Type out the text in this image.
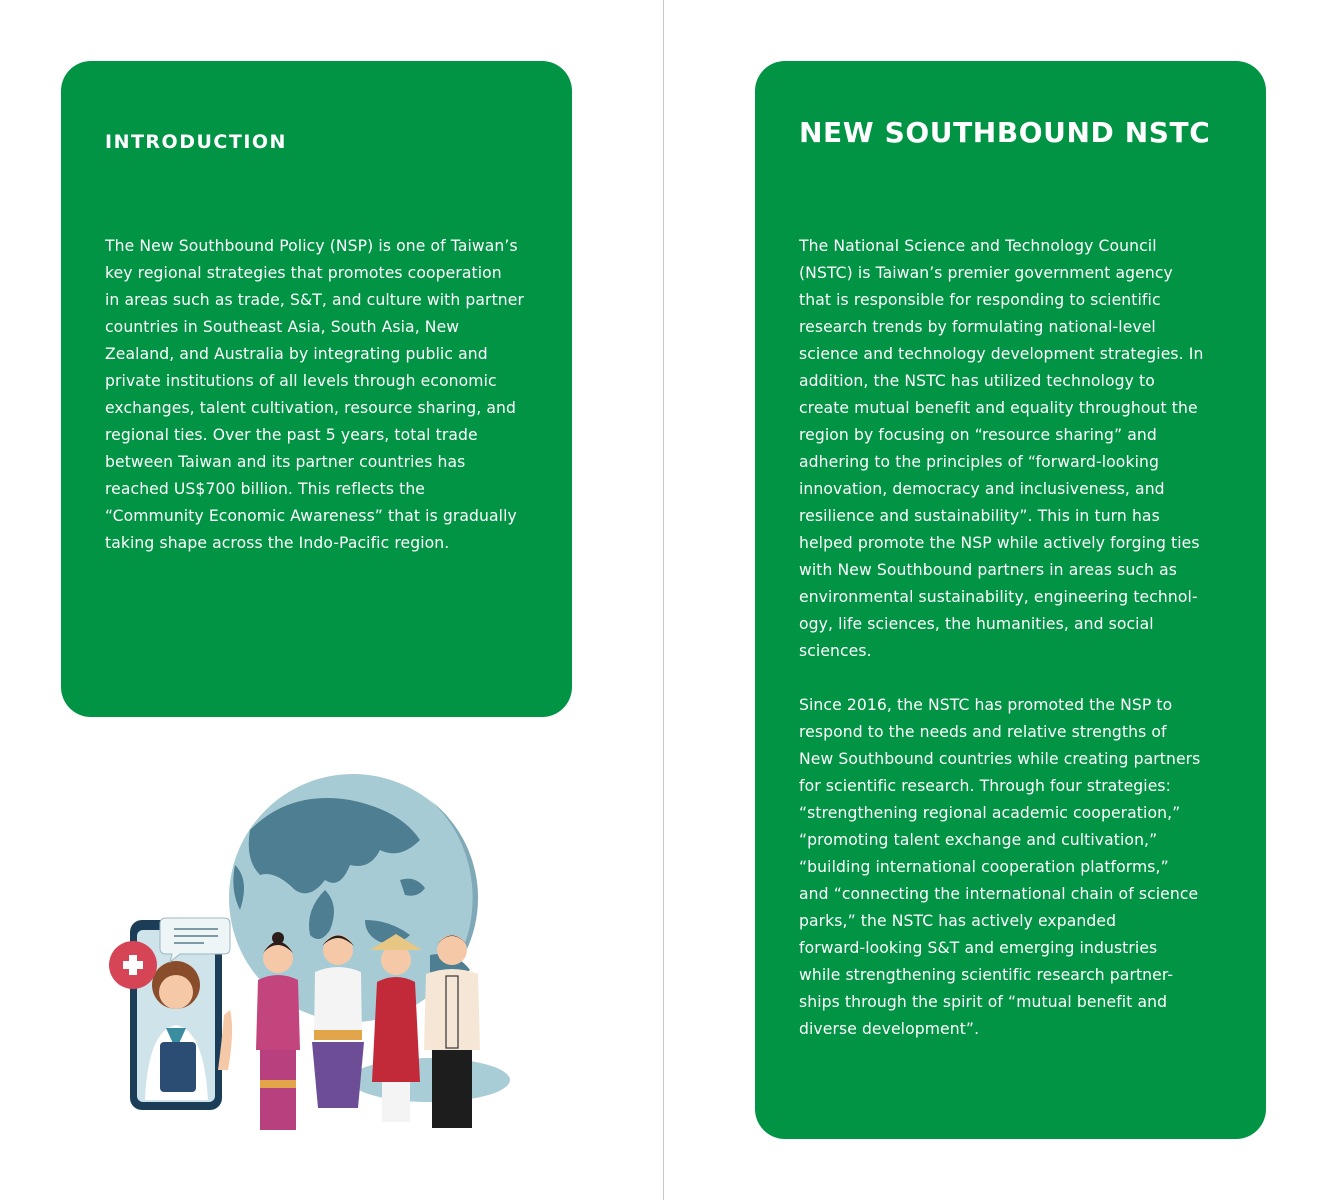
INTRODUCTION

The New Southbound Policy (NSP) is one of Taiwan’s
key regional strategies that promotes cooperation
in areas such as trade, S&T, and culture with partner
countries in Southeast Asia, South Asia, New
Zealand, and Australia by integrating public and
private institutions of all levels through economic
exchanges, talent cultivation, resource sharing, and
regional ties. Over the past 5 years, total trade
between Taiwan and its partner countries has
reached US$700 billion. This reflects the
“Community Economic Awareness” that is gradually
taking shape across the Indo-Pacific region.

NEW SOUTHBOUND NSTC

The National Science and Technology Council
(NSTC) is Taiwan’s premier government agency
that is responsible for responding to scientific
research trends by formulating national-level
science and technology development strategies. In
addition, the NSTC has utilized technology to
create mutual benefit and equality throughout the
region by focusing on “resource sharing” and
adhering to the principles of “forward-looking
innovation, democracy and inclusiveness, and
resilience and sustainability”. This in turn has
helped promote the NSP while actively forging ties
with New Southbound partners in areas such as
environmental sustainability, engineering technol-
ogy, life sciences, the humanities, and social
sciences.

Since 2016, the NSTC has promoted the NSP to
respond to the needs and relative strengths of
New Southbound countries while creating partners
for scientific research. Through four strategies:
“strengthening regional academic cooperation,”
“promoting talent exchange and cultivation,”
“building international cooperation platforms,”
and “connecting the international chain of science
parks,” the NSTC has actively expanded
forward-looking S&T and emerging industries
while strengthening scientific research partner-
ships through the spirit of “mutual benefit and
diverse development”.
